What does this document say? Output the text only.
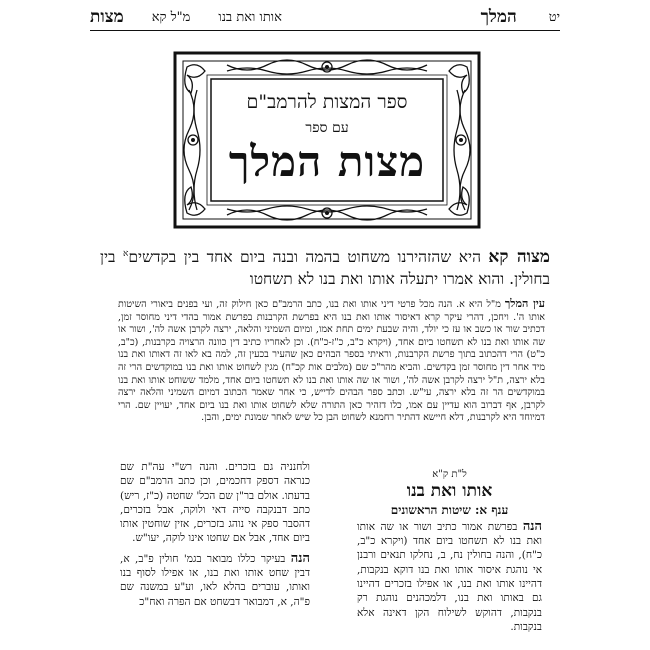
יט
המלך
אותו ואת בנו
מ"ל קא
מצות
ספר המצות להרמב"ם
עם ספר
מצות המלך
מצוה קא היא שהזהירנו משחוט בהמה ובנה ביום אחד בין בקדשים$^א$ בין בחולין. והוא אמרו יתעלה אותו ואת בנו לא תשחטו
עין המלך מ"ל היא א. הנה מכל פרטי דיני אותו ואת בנו, כתב הרמב"ם כאן חילוק זה, ועי בפנים ביאורי השיטות אותו ה'. ויחכן, דהרי עיקר קרא דאיסור אותו ואת בנו היא בפרשת הקרבנות בפרשת אמור בהדי דיני מחוסר זמן, דכתיב שור או כשב או עז כי יולד, והיה שבעת ימים תחת אמו, ומיום השמיני והלאה, ירצה לקרבן אשה לה', ושור או שה אותו ואת בנו לא תשחטו ביום אחד, (ויקרא כ"ב, כ"ז-כ"ח). וכן לאחריו כתיב דין כוונה הרצויה בקרבנות, (כ"ב, כ"ט) הרי דהכתוב בתוך פרשת הקרבנות, וראיתי בספר הבהים כאן שהעיר בכעין זה, למה בא לאו זה דאותו ואת בנו מיד אחר דין מחוסר זמן בקדשים. והביא מהר"כ שם (מלבים אות קכ"ח) מגין לשחוט אותו ואת בנו במוקדשים הרי זה בלא ירצה, ת"ל ירצה לקרבן אשה לה', ושור או שה אותו ואת בנו לא תשחטו ביום אחד, מלמד ששוחט אותו ואת בנו במוקדשים הר זה בלא ירצה, עי"ש. וכתב ספר הבהים לדייש, כי אחר שאמר הכתוב דמיום השמיני והלאה ירצה לקרבן, אף דברוב הוא עדיין עם אמו, כלו דזהיר כאן התורה שלא לשחוט אותו ואת בנו ביום אחד, יעויין שם. הרי דמיוחד היא לקרבנות, דלא חיישא דהתיר רחמנא לשחוט הבן כל שיש לאחר שמונת ימים, והבן.
ל"ת ק"א
אותו ואת בנו
ענף א: שיטות הראשונים
הנה בפרשת אמור כתיב ושור או שה אותו ואת בנו לא תשחטו ביום אחד (ויקרא כ"ב, כ"ח), והנה בחולין נח, ב, נחלקו תנאים ורבנן אי נוהגת איסור אותו ואת בנו דוקא בנקבות, דהיינו אותו ואת בנו, או אפילו בזכרים דהיינו גם באותו ואת בנו, דלמכהנים נוהגת רק בנקבות, דהוקש לשילוח הקן דאינה אלא בנקבות.
ולחנניה גם בזכרים. והנה רש"י עה"ת שם כנראה דספק דחכמים, וכן כתב הרמב"ם שם בדעתו. אולם בר"ן שם הכל' שחטה (כ"ז, ריש) כתב דבנקבה סייה דאי ולוקה, אבל בזכרים, דהסבר ספק אי נוהג בזכרים, אזין שוחטין אותו ביום אחד, אבל אם שחטו אינו לוקה, יעו"ש.
הנה בעיקר כללו מבואר בגמ' חולין פ"ב, א, דבין שחט אותו ואת בנו, או אפילו לסוף בנו ואותו, עוברים בהלא לאו, וע"ע במשנה שם פ"ה, א, דמבואר דבשחט אם הפרה ואח"כ
